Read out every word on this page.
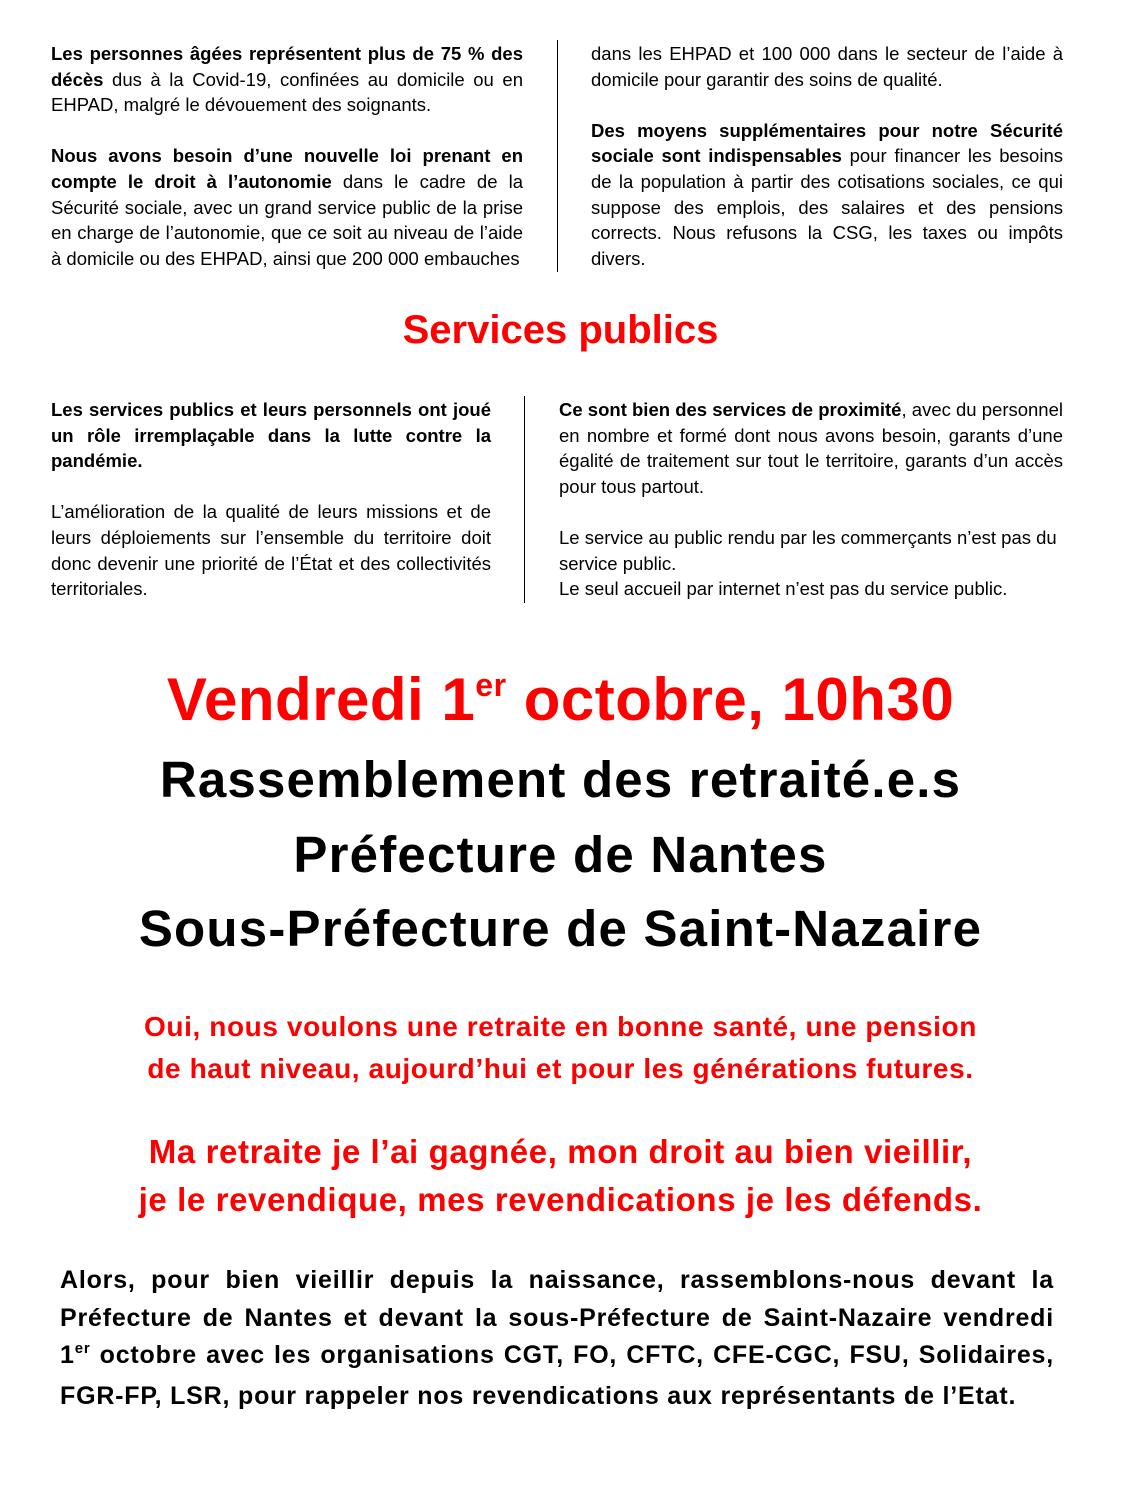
Les personnes âgées représentent plus de 75 % des décès dus à la Covid-19, confinées au domicile ou en EHPAD, malgré le dévouement des soignants.

Nous avons besoin d’une nouvelle loi prenant en compte le droit à l’autonomie dans le cadre de la Sécurité sociale, avec un grand service public de la prise en charge de l’autonomie, que ce soit au niveau de l’aide à domicile ou des EHPAD, ainsi que 200 000 embauches

dans les EHPAD et 100 000 dans le secteur de l’aide à domicile pour garantir des soins de qualité.

Des moyens supplémentaires pour notre Sécurité sociale sont indispensables pour financer les besoins de la population à partir des cotisations sociales, ce qui suppose des emplois, des salaires et des pensions corrects. Nous refusons la CSG, les taxes ou impôts divers.

Services publics

Les services publics et leurs personnels ont joué un rôle irremplaçable dans la lutte contre la pandémie.

L’amélioration de la qualité de leurs missions et de leurs déploiements sur l’ensemble du territoire doit donc devenir une priorité de l’État et des collectivités territoriales.

Ce sont bien des services de proximité, avec du personnel en nombre et formé dont nous avons besoin, garants d’une égalité de traitement sur tout le territoire, garants d’un accès pour tous partout.

Le service au public rendu par les commerçants n’est pas du service public.
Le seul accueil par internet n’est pas du service public.

Vendredi 1er octobre, 10h30
Rassemblement des retraité.e.s
Préfecture de Nantes
Sous-Préfecture de Saint-Nazaire
Oui, nous voulons une retraite en bonne santé, une pension
de haut niveau, aujourd’hui et pour les générations futures.
Ma retraite je l’ai gagnée, mon droit au bien vieillir,
je le revendique, mes revendications je les défends.

Alors, pour bien vieillir depuis la naissance, rassemblons-nous devant la Préfecture de Nantes et devant la sous-Préfecture de Saint-Nazaire vendredi 1er octobre avec les organisations CGT, FO, CFTC, CFE-CGC, FSU, Solidaires, FGR-FP, LSR, pour rappeler nos revendications aux représentants de l’Etat.
